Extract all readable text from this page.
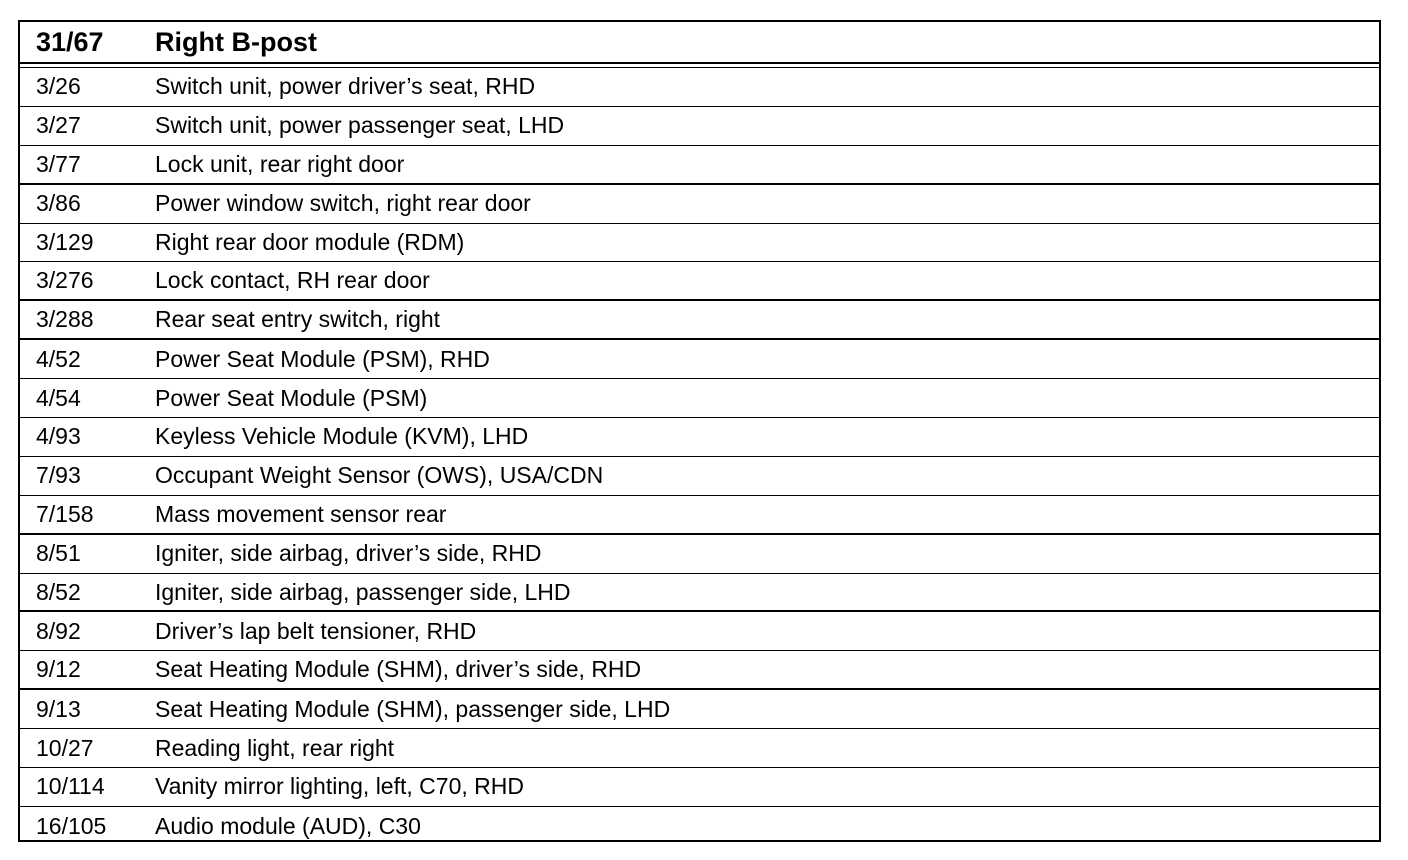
31/67	Right B-post
3/26	Switch unit, power driver’s seat, RHD
3/27	Switch unit, power passenger seat, LHD
3/77	Lock unit, rear right door
3/86	Power window switch, right rear door
3/129	Right rear door module (RDM)
3/276	Lock contact, RH rear door
3/288	Rear seat entry switch, right
4/52	Power Seat Module (PSM), RHD
4/54	Power Seat Module (PSM)
4/93	Keyless Vehicle Module (KVM), LHD
7/93	Occupant Weight Sensor (OWS), USA/CDN
7/158	Mass movement sensor rear
8/51	Igniter, side airbag, driver’s side, RHD
8/52	Igniter, side airbag, passenger side, LHD
8/92	Driver’s lap belt tensioner, RHD
9/12	Seat Heating Module (SHM), driver’s side, RHD
9/13	Seat Heating Module (SHM), passenger side, LHD
10/27	Reading light, rear right
10/114	Vanity mirror lighting, left, C70, RHD
16/105	Audio module (AUD), C30
